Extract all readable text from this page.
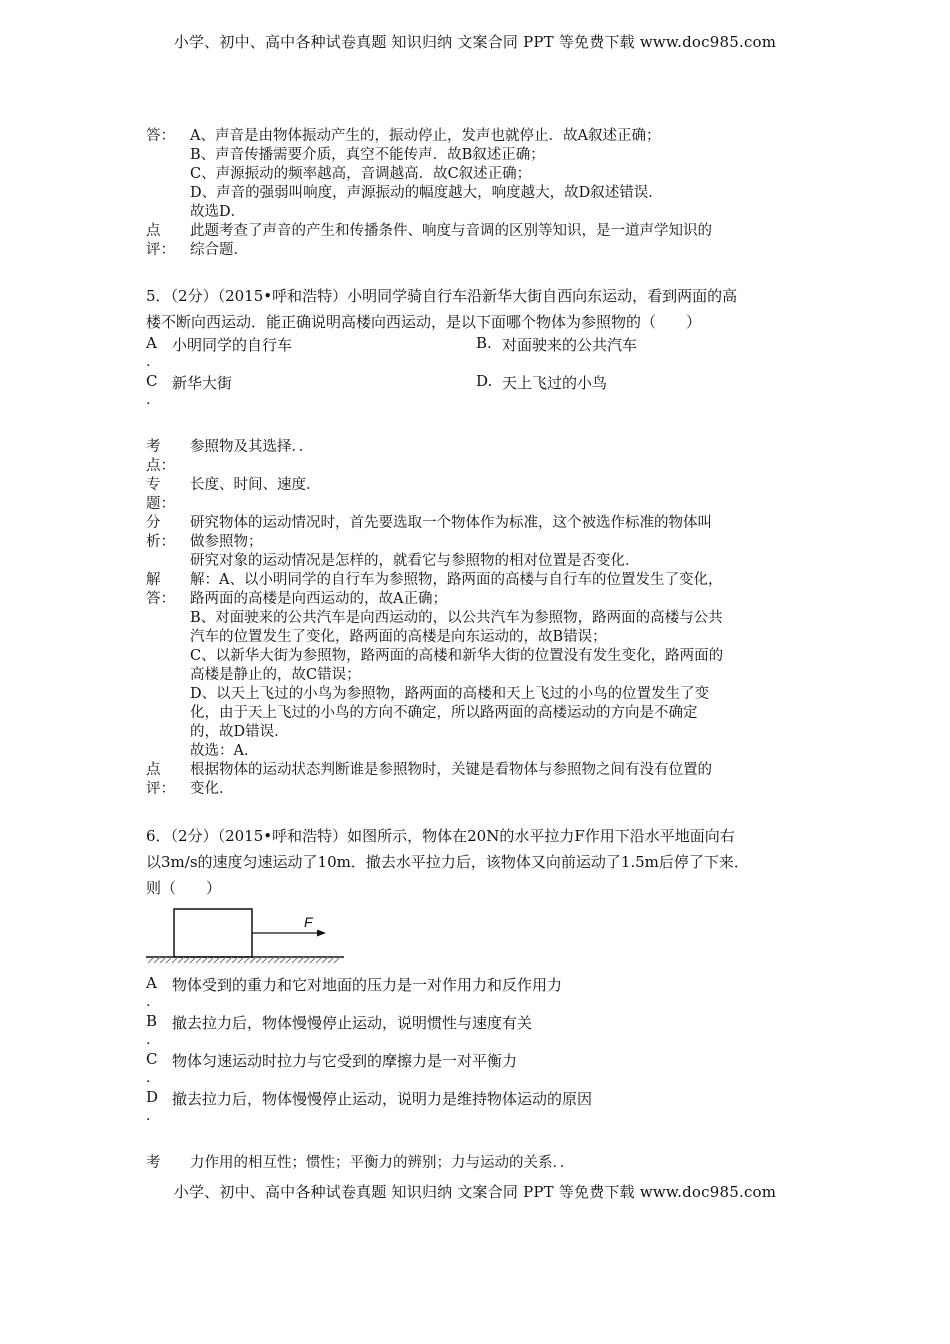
小学、初中、高中各种试卷真题 知识归纳 文案合同 PPT 等免费下载 www.doc985.com
答： A、声音是由物体振动产生的，振动停止，发声也就停止．故A叙述正确；
B、声音传播需要介质，真空不能传声．故B叙述正确；
C、声源振动的频率越高，音调越高．故C叙述正确；
D、声音的强弱叫响度，声源振动的幅度越大，响度越大，故D叙述错误．
故选D．
点 此题考查了声音的产生和传播条件、响度与音调的区别等知识，是一道声学知识的
评： 综合题．
5．（2分）（2015•呼和浩特）小明同学骑自行车沿新华大街自西向东运动，看到两面的高
楼不断向西运动．能正确说明高楼向西运动，是以下面哪个物体为参照物的（　　）
A 小明同学的自行车
.
B. 对面驶来的公共汽车
C 新华大街
.
D. 天上飞过的小鸟
考 参照物及其选择．．
点：
专 长度、时间、速度．
题：
分 研究物体的运动情况时，首先要选取一个物体作为标准，这个被选作标准的物体叫
析： 做参照物；
研究对象的运动情况是怎样的，就看它与参照物的相对位置是否变化．
解 解：A、以小明同学的自行车为参照物，路两面的高楼与自行车的位置发生了变化，
答： 路两面的高楼是向西运动的，故A正确；
B、对面驶来的公共汽车是向西运动的，以公共汽车为参照物，路两面的高楼与公共
汽车的位置发生了变化，路两面的高楼是向东运动的，故B错误；
C、以新华大街为参照物，路两面的高楼和新华大街的位置没有发生变化，路两面的
高楼是静止的，故C错误；
D、以天上飞过的小鸟为参照物，路两面的高楼和天上飞过的小鸟的位置发生了变
化，由于天上飞过的小鸟的方向不确定，所以路两面的高楼运动的方向是不确定
的，故D错误．
故选：A．
点 根据物体的运动状态判断谁是参照物时，关键是看物体与参照物之间有没有位置的
评： 变化．
6．（2分）（2015•呼和浩特）如图所示，物体在20N的水平拉力F作用下沿水平地面向右
以3m/s的速度匀速运动了10m．撤去水平拉力后，该物体又向前运动了1.5m后停了下来．
则（　　）
F
A 物体受到的重力和它对地面的压力是一对作用力和反作用力
.
B 撤去拉力后，物体慢慢停止运动，说明惯性与速度有关
.
C 物体匀速运动时拉力与它受到的摩擦力是一对平衡力
.
D 撤去拉力后，物体慢慢停止运动，说明力是维持物体运动的原因
.
考 力作用的相互性；惯性；平衡力的辨别；力与运动的关系．．
小学、初中、高中各种试卷真题 知识归纳 文案合同 PPT 等免费下载 www.doc985.com
